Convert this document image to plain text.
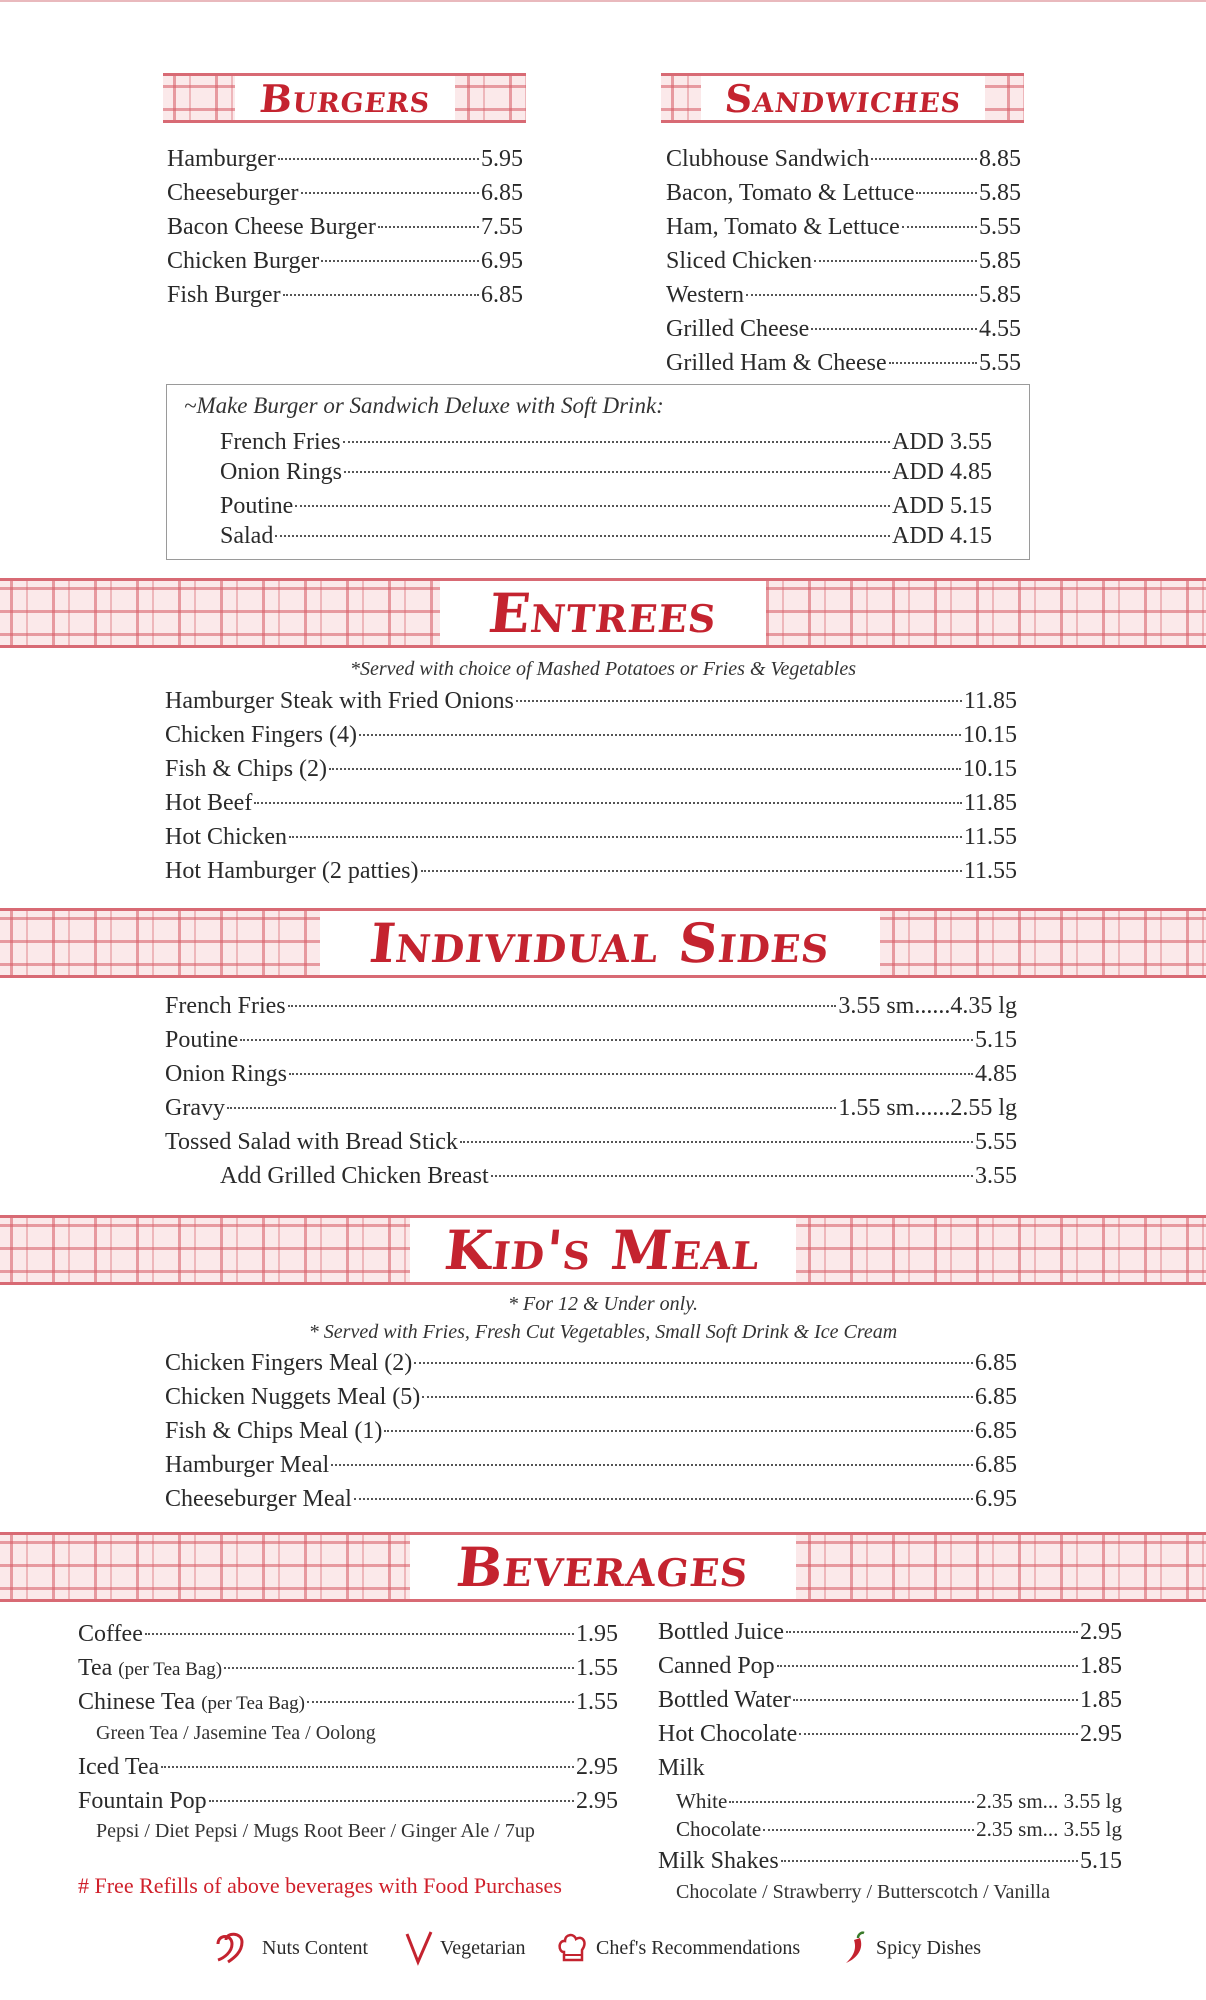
Burgers	Sandwiches
Hamburger	5.95
Cheeseburger	6.85
Bacon Cheese Burger	7.55
Chicken Burger	6.95
Fish Burger	6.85
Clubhouse Sandwich	8.85
Bacon, Tomato & Lettuce	5.85
Ham, Tomato & Lettuce	5.55
Sliced Chicken	5.85
Western	5.85
Grilled Cheese	4.55
Grilled Ham & Cheese	5.55
~Make Burger or Sandwich Deluxe with Soft Drink:
French Fries	ADD 3.55
Onion Rings	ADD 4.85
Poutine	ADD 5.15
Salad	ADD 4.15
Entrees
*Served with choice of Mashed Potatoes or Fries & Vegetables
Hamburger Steak with Fried Onions	11.85
Chicken Fingers (4)	10.15
Fish & Chips (2)	10.15
Hot Beef	11.85
Hot Chicken	11.55
Hot Hamburger (2 patties)	11.55
Individual Sides
French Fries	3.55 sm......4.35 lg
Poutine	5.15
Onion Rings	4.85
Gravy	1.55 sm......2.55 lg
Tossed Salad with Bread Stick	5.55
Add Grilled Chicken Breast	3.55
Kid's Meal
* For 12 & Under only.
* Served with Fries, Fresh Cut Vegetables, Small Soft Drink & Ice Cream
Chicken Fingers Meal (2)	6.85
Chicken Nuggets Meal (5)	6.85
Fish & Chips Meal (1)	6.85
Hamburger Meal	6.85
Cheeseburger Meal	6.95
Beverages
Coffee	1.95
Tea (per Tea Bag)	1.55
Chinese Tea (per Tea Bag)	1.55
Green Tea / Jasemine Tea / Oolong
Iced Tea	2.95
Fountain Pop	2.95
Pepsi / Diet Pepsi / Mugs Root Beer / Ginger Ale / 7up
Bottled Juice	2.95
Canned Pop	1.85
Bottled Water	1.85
Hot Chocolate	2.95
Milk
White	2.35 sm... 3.55 lg
Chocolate	2.35 sm... 3.55 lg
Milk Shakes	5.15
Chocolate / Strawberry / Butterscotch / Vanilla
# Free Refills of above beverages with Food Purchases
Nuts Content	Vegetarian	Chef's Recommendations	Spicy Dishes
